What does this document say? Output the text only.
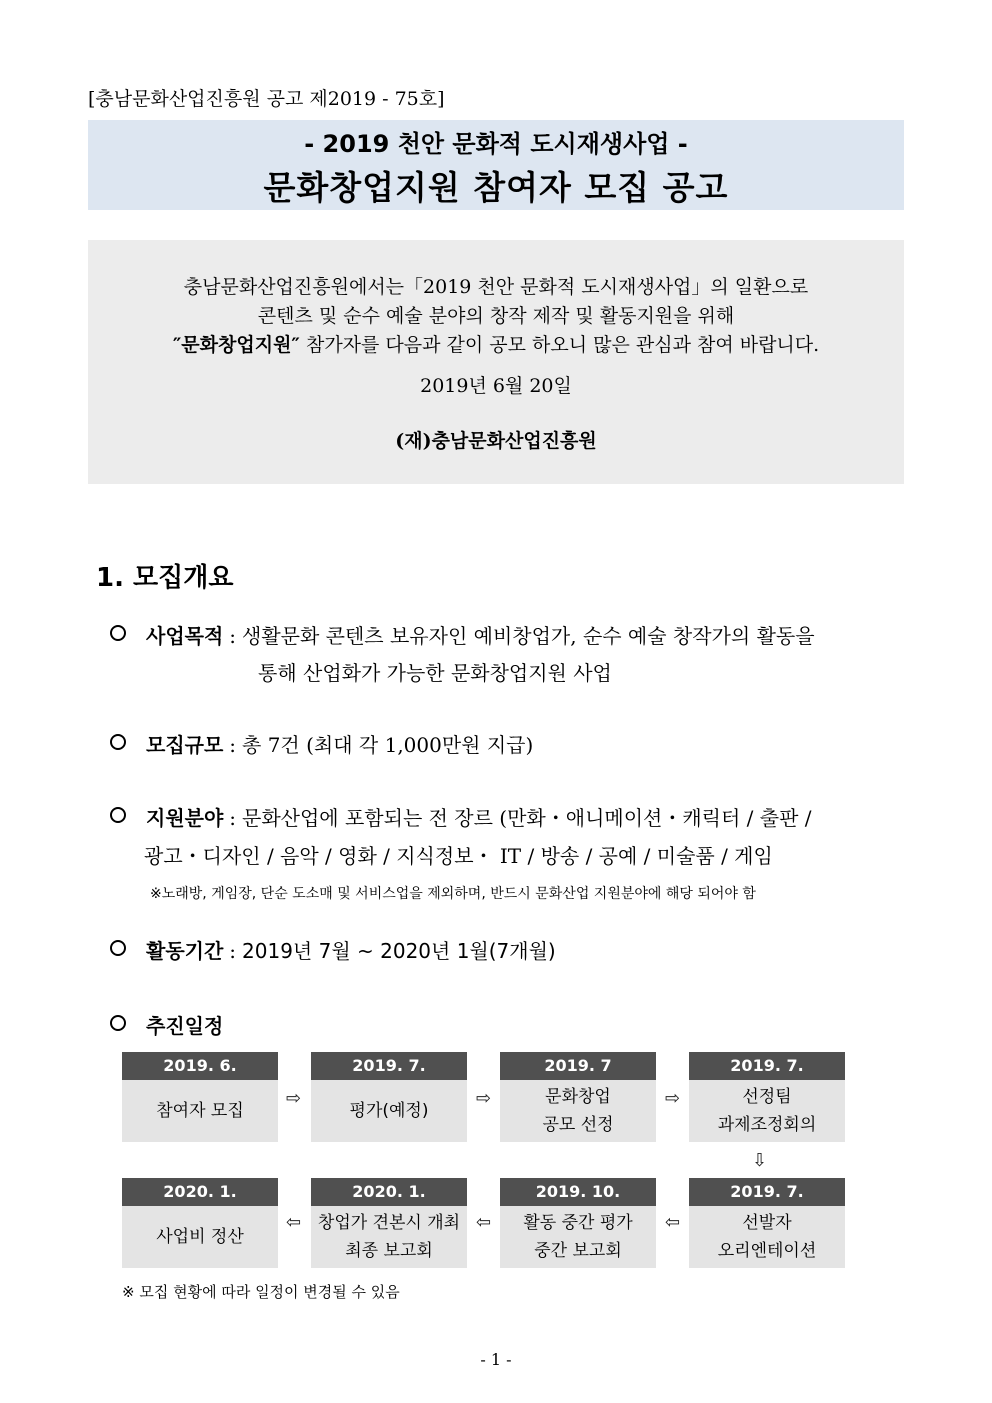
[충남문화산업진흥원 공고 제2019 - 75호]
- 2019 천안 문화적 도시재생사업 -
문화창업지원 참여자 모집 공고
충남문화산업진흥원에서는「2019 천안 문화적 도시재생사업」의 일환으로
콘텐츠 및 순수 예술 분야의 창작 제작 및 활동지원을 위해
″문화창업지원″ 참가자를 다음과 같이 공모 하오니 많은 관심과 참여 바랍니다.
2019년 6월 20일
(재)충남문화산업진흥원
1. 모집개요
사업목적 : 생활문화 콘텐츠 보유자인 예비창업가, 순수 예술 창작가의 활동을
통해 산업화가 가능한 문화창업지원 사업
모집규모 : 총 7건 (최대 각 1,000만원 지급)
지원분야 : 문화산업에 포함되는 전 장르 (만화・애니메이션・캐릭터 / 출판 /
광고・디자인 / 음악 / 영화 / 지식정보・ IT / 방송 / 공예 / 미술품 / 게임
※노래방, 게임장, 단순 도소매 및 서비스업을 제외하며, 반드시 문화산업 지원분야에 해당 되어야 함
활동기간 : 2019년 7월 ~ 2020년 1월(7개월)
추진일정
2019. 6.
참여자 모집
⇨
2019. 7.
평가(예정)
⇨
2019. 7
문화창업
공모 선정
⇨
2019. 7.
선정팀
과제조정회의
⇩
2020. 1.
사업비 정산
⇦
2020. 1.
창업가 견본시 개최
최종 보고회
⇦
2019. 10.
활동 중간 평가
중간 보고회
⇦
2019. 7.
선발자
오리엔테이션
※ 모집 현황에 따라 일정이 변경될 수 있음
- 1 -
